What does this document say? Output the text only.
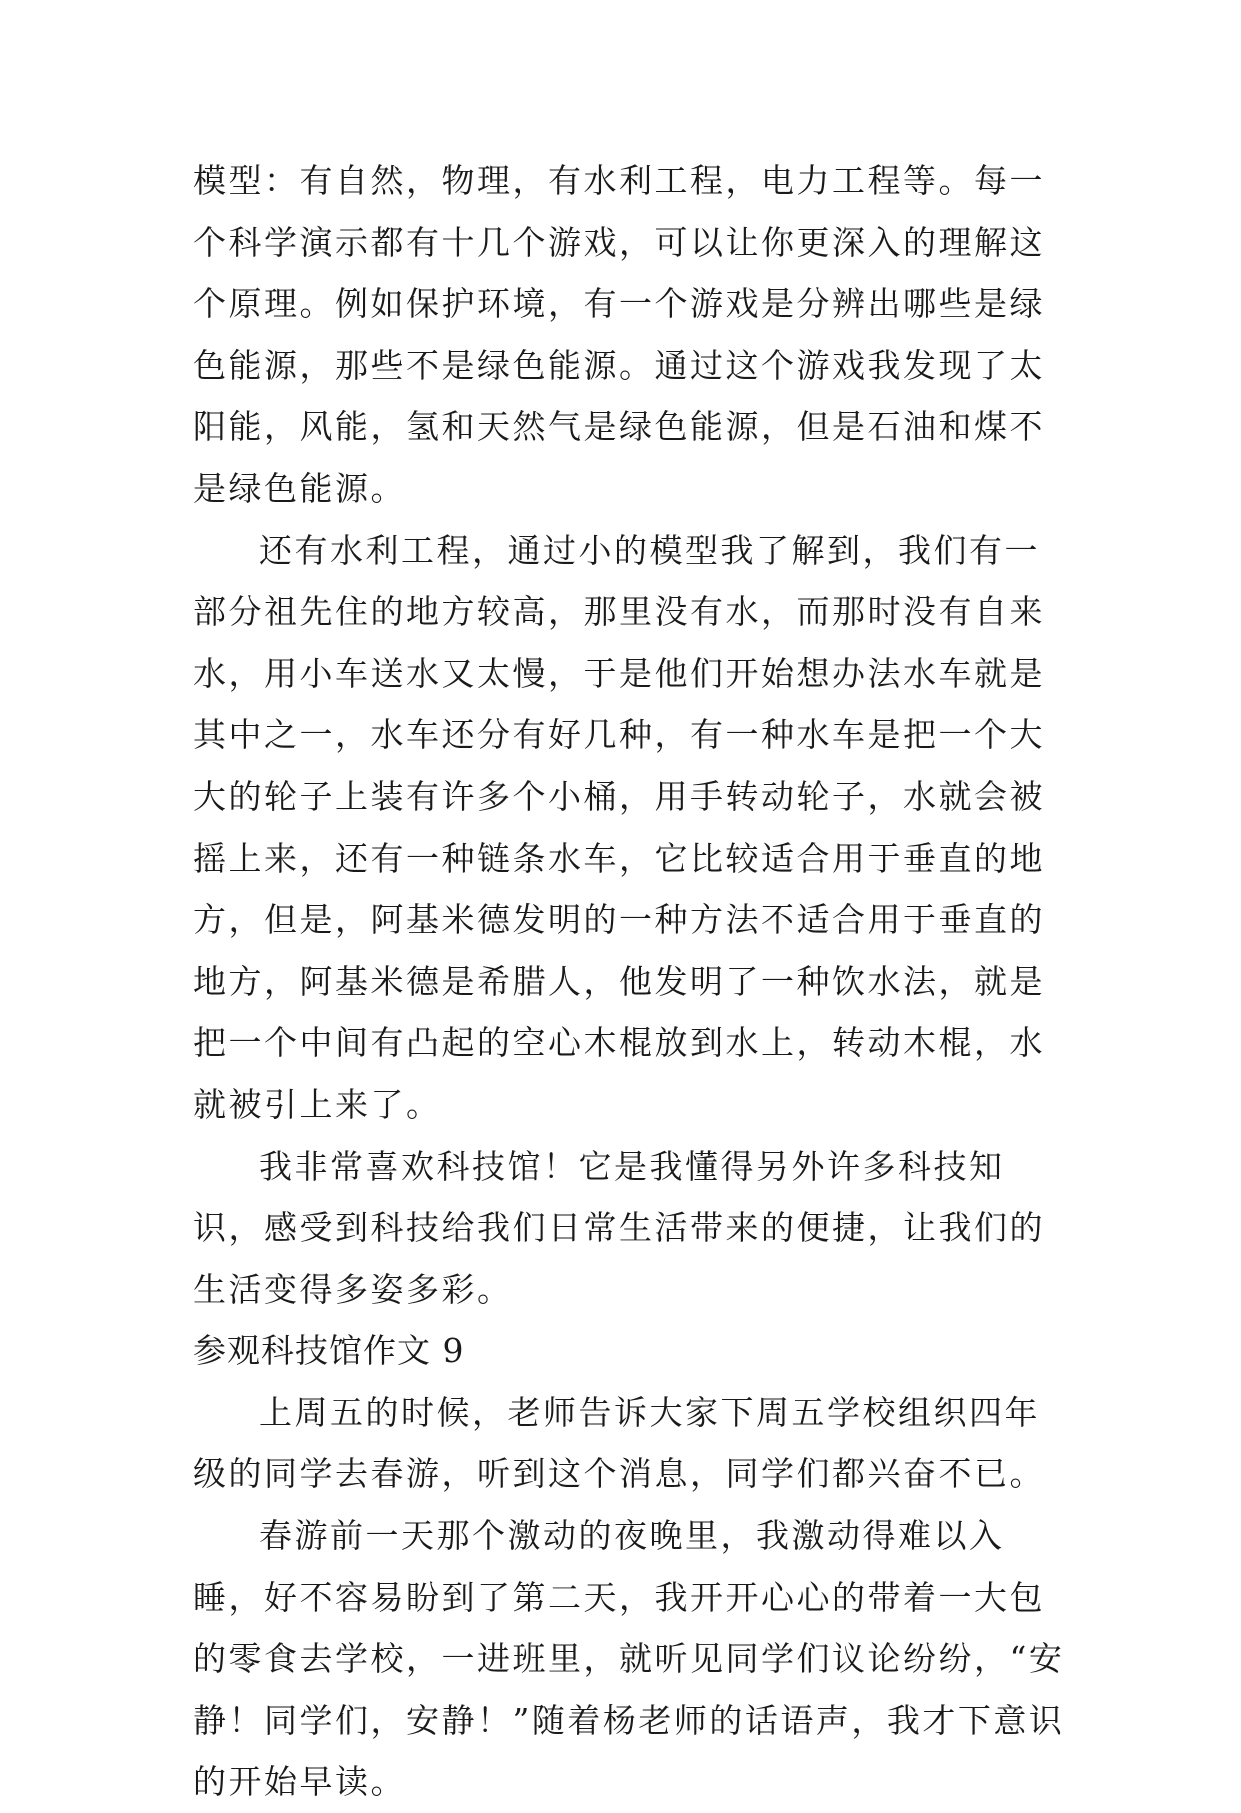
模型：有自然，物理，有水利工程，电力工程等。每一个科学演示都有十几个游戏，可以让你更深入的理解这个原理。例如保护环境，有一个游戏是分辨出哪些是绿色能源，那些不是绿色能源。通过这个游戏我发现了太阳能，风能，氢和天然气是绿色能源，但是石油和煤不是绿色能源。

还有水利工程，通过小的模型我了解到，我们有一部分祖先住的地方较高，那里没有水，而那时没有自来水，用小车送水又太慢，于是他们开始想办法水车就是其中之一，水车还分有好几种，有一种水车是把一个大大的轮子上装有许多个小桶，用手转动轮子，水就会被摇上来，还有一种链条水车，它比较适合用于垂直的地方，但是，阿基米德发明的一种方法不适合用于垂直的地方，阿基米德是希腊人，他发明了一种饮水法，就是把一个中间有凸起的空心木棍放到水上，转动木棍，水就被引上来了。

我非常喜欢科技馆！它是我懂得另外许多科技知识，感受到科技给我们日常生活带来的便捷，让我们的生活变得多姿多彩。

参观科技馆作文 9

上周五的时候，老师告诉大家下周五学校组织四年级的同学去春游，听到这个消息，同学们都兴奋不已。

春游前一天那个激动的夜晚里，我激动得难以入睡，好不容易盼到了第二天，我开开心心的带着一大包的零食去学校，一进班里，就听见同学们议论纷纷，“安静！同学们，安静！”随着杨老师的话语声，我才下意识的开始早读。
